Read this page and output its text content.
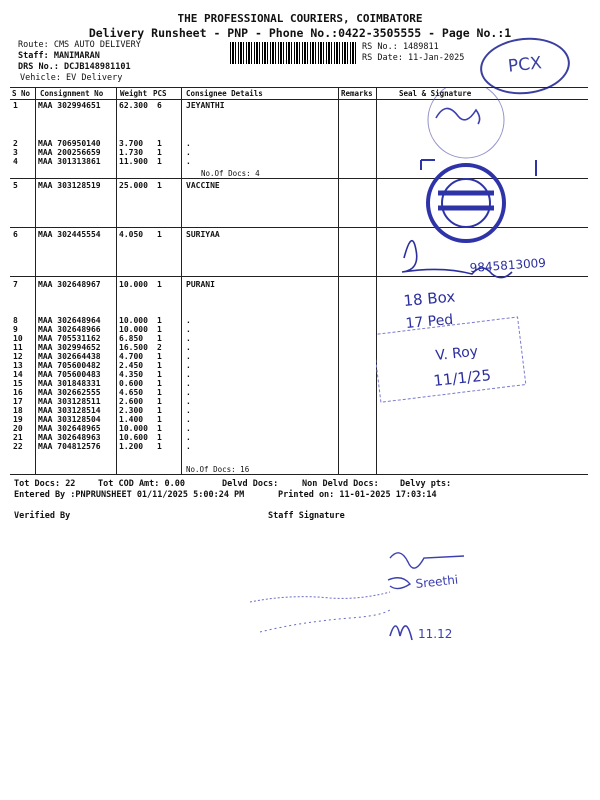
THE PROFESSIONAL COURIERS, COIMBATORE
Delivery Runsheet - PNP - Phone No.:0422-3505555 - Page No.:1
Route: CMS AUTO DELIVERY
Staff: MANIMARAN
DRS No.: DCJB148981101
Vehicle: EV Delivery
RS No.: 1489811
RS Date: 11-Jan-2025	PCX
S No Consignment No Weight PCS	Consignee Details	Remarks	Seal & Signature
1	MAA 302994651 62.300 6	JEYANTHI
2	MAA 706950140 3.700 1	.
3	MAA 200256659 1.730 1	.
4	MAA 301313861 11.900 1	.
5	MAA 303128519 25.000 1	VACCINE
6	MAA 302445554 4.050 1	SURIYAA
7	MAA 302648967 10.000 1	PURANI
8	MAA 302648964 10.000 1	.
9	MAA 302648966 10.000 1	.
10 MAA 705531162 6.850 1	.
11 MAA 302994652 16.500 2	.
12 MAA 302664438 4.700 1	.
13 MAA 705600482 2.450 1	.
14 MAA 705600483 4.350 1	.
15 MAA 301848331 0.600 1	.
16 MAA 302662555 4.650 1	.
17 MAA 303128511 2.600 1	.
18 MAA 303128514 2.300 1	.
19 MAA 303128504 1.400 1	.
20 MAA 302648965 10.000 1	.
21 MAA 302648963 10.600 1	.
22 MAA 704812576 1.200 1	.
No.Of Docs: 4
No.Of Docs: 16
9845813009
18 Box
17 Ped
V. Roy
11/1/25
Tot Docs: 22	Tot COD Amt: 0.00	Delvd Docs:	Non Delvd Docs: Delvy pts:
Entered By :PNPRUNSHEET 01/11/2025 5:00:24 PM	Printed on: 11-01-2025 17:03:14
Verified By	Staff Signature
Sreethi
11.12
